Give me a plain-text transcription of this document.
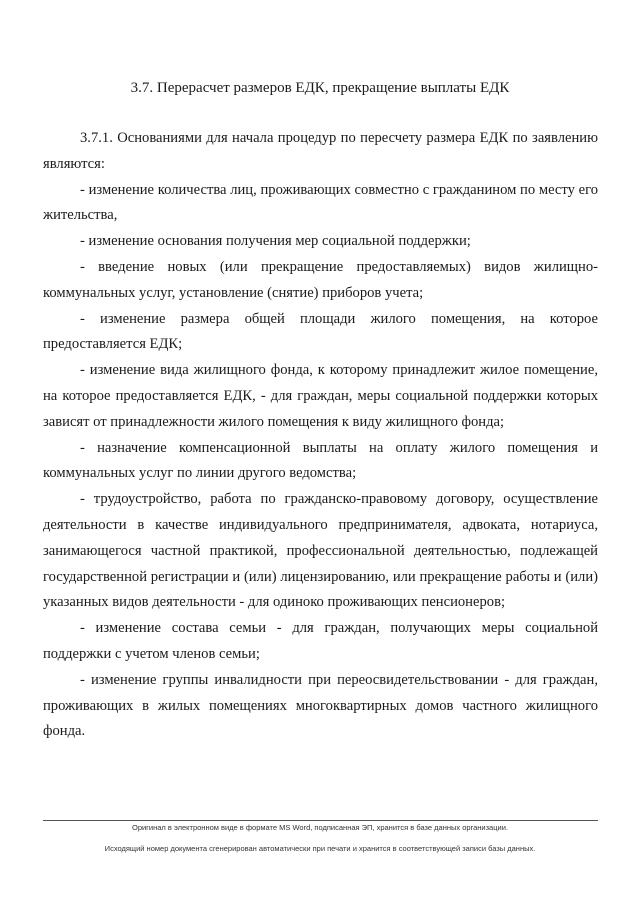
3.7. Перерасчет размеров ЕДК, прекращение выплаты ЕДК

3.7.1. Основаниями для начала процедур по пересчету размера ЕДК по заявлению являются:

- изменение количества лиц, проживающих совместно с гражданином по месту его жительства,

- изменение основания получения мер социальной поддержки;

- введение новых (или прекращение предоставляемых) видов жилищно-коммунальных услуг, установление (снятие) приборов учета;

- изменение размера общей площади жилого помещения, на которое предоставляется ЕДК;

- изменение вида жилищного фонда, к которому принадлежит жилое помещение, на которое предоставляется ЕДК, - для граждан, меры социальной поддержки которых зависят от принадлежности жилого помещения к виду жилищного фонда;

- назначение компенсационной выплаты на оплату жилого помещения и коммунальных услуг по линии другого ведомства;

- трудоустройство, работа по гражданско-правовому договору, осуществление деятельности в качестве индивидуального предпринимателя, адвоката, нотариуса, занимающегося частной практикой, профессиональной деятельностью, подлежащей государственной регистрации и (или) лицензированию, или прекращение работы и (или) указанных видов деятельности - для одиноко проживающих пенсионеров;

- изменение состава семьи - для граждан, получающих меры социальной поддержки с учетом членов семьи;

- изменение группы инвалидности при переосвидетельствовании - для граждан, проживающих в жилых помещениях многоквартирных домов частного жилищного фонда.

Оригинал в электронном виде в формате MS Word, подписанная ЭП, хранится в базе данных организации.
Исходящий номер документа сгенерирован автоматически при печати и хранится в соответствующей записи базы данных.
